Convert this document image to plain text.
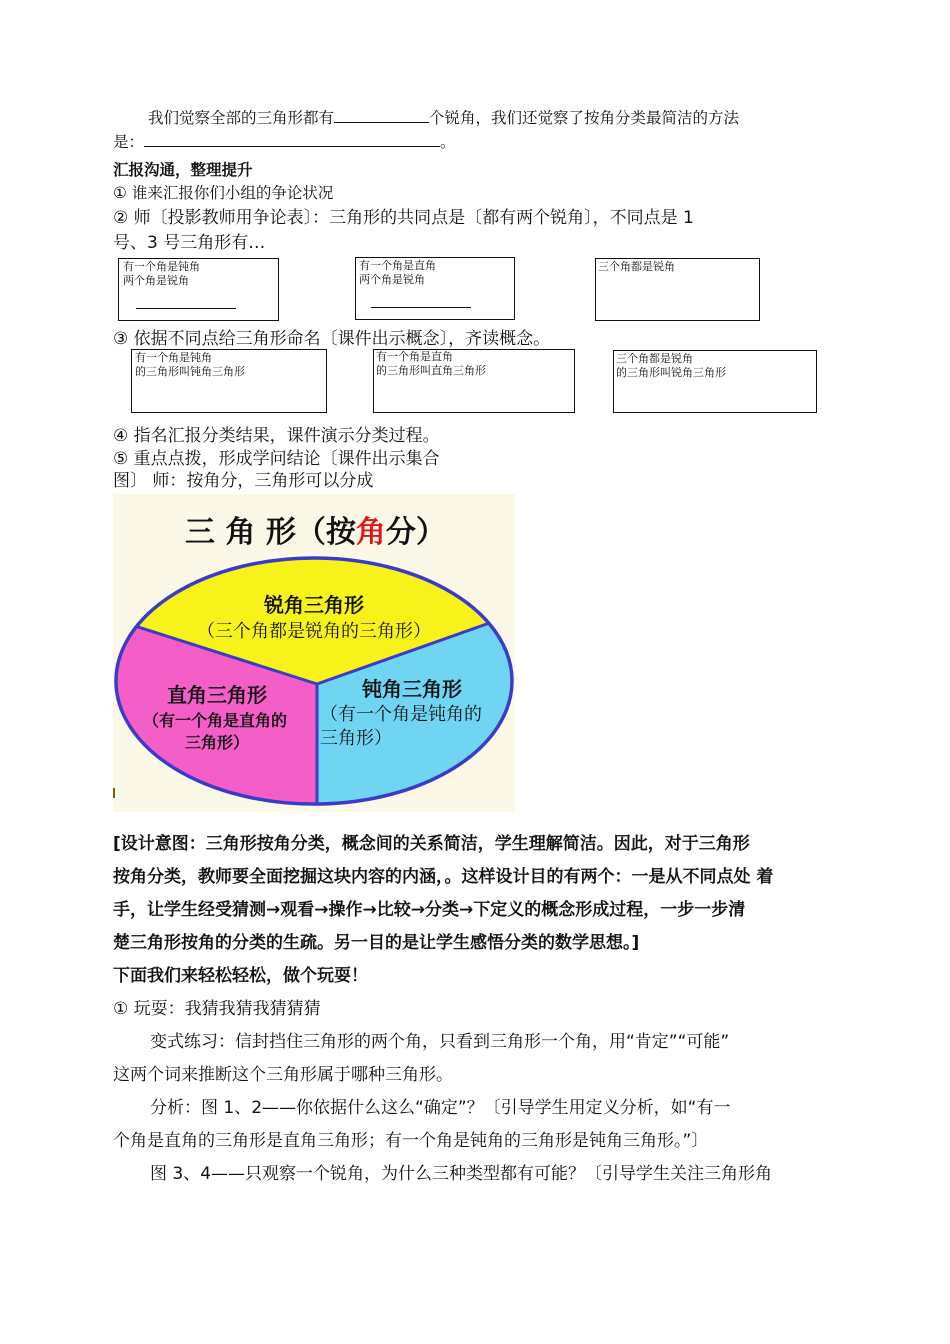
我们觉察全部的三角形都有	个锐角，我们还觉察了按角分类最简洁的方法
是：	。
汇报沟通，整理提升
① 谁来汇报你们小组的争论状况
② 师〔投影教师用争论表〕：三角形的共同点是〔都有两个锐角〕，不同点是 1
号、3 号三角形有…
有一个角是钝角
两个角是锐角
有一个角是直角
两个角是锐角
三个角都是锐角
③ 依据不同点给三角形命名〔课件出示概念〕，齐读概念。
有一个角是钝角
的三角形叫钝角三角形
有一个角是直角
的三角形叫直角三角形
三个角都是锐角
的三角形叫锐角三角形
④ 指名汇报分类结果，课件演示分类过程。
⑤ 重点点拨，形成学问结论〔课件出示集合
图〕 师：按角分，三角形可以分成
三 角 形（按角分）
锐角三角形
（三个角都是锐角的三角形）
直角三角形
（有一个角是直角的
三角形）
钝角三角形
（有一个角是钝角的
三角形）
[设计意图：三角形按角分类，概念间的关系简洁，学生理解简洁。因此，对于三角形
按角分类，教师要全面挖掘这块内容的内涵，。这样设计目的有两个：一是从不同点处 着
手，让学生经受猜测→观看→操作→比较→分类→下定义的概念形成过程，一步一步清
楚三角形按角的分类的生疏。另一目的是让学生感悟分类的数学思想。]
下面我们来轻松轻松，做个玩耍！
① 玩耍：我猜我猜我猜猜猜
变式练习：信封挡住三角形的两个角，只看到三角形一个角，用“肯定”“可能”
这两个词来推断这个三角形属于哪种三角形。
分析：图 1、2——你依据什么这么“确定”？〔引导学生用定义分析，如“有一
个角是直角的三角形是直角三角形；有一个角是钝角的三角形是钝角三角形。”〕
图 3、4——只观察一个锐角，为什么三种类型都有可能？〔引导学生关注三角形角
